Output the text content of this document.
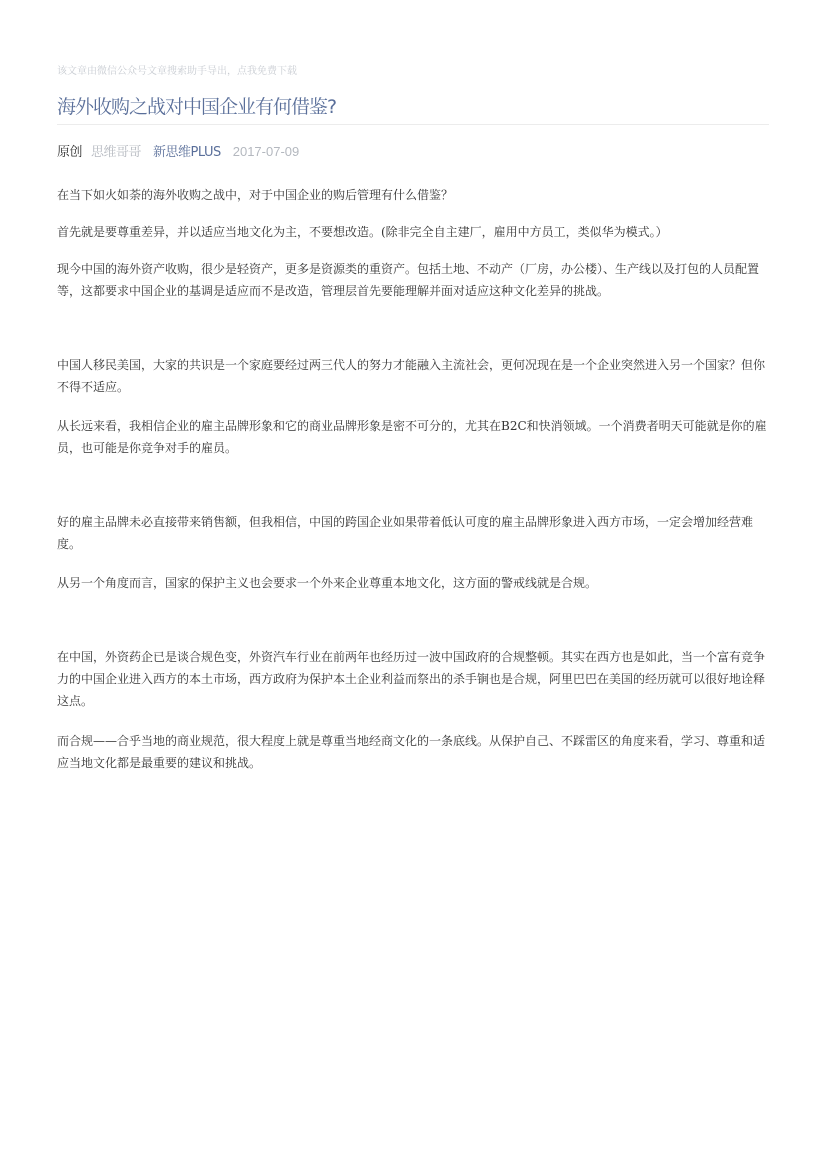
该文章由微信公众号文章搜索助手导出，点我免费下载
海外收购之战对中国企业有何借鉴?
原创 思维哥哥 新思维PLUS 2017-07-09

在当下如火如荼的海外收购之战中，对于中国企业的购后管理有什么借鉴？

首先就是要尊重差异，并以适应当地文化为主，不要想改造。(除非完全自主建厂，雇用中方员工，类似华为模式。）

现今中国的海外资产收购，很少是轻资产，更多是资源类的重资产。包括土地、不动产（厂房，办公楼）、生产线以及打包的人员配置等，这都要求中国企业的基调是适应而不是改造，管理层首先要能理解并面对适应这种文化差异的挑战。

中国人移民美国，大家的共识是一个家庭要经过两三代人的努力才能融入主流社会，更何况现在是一个企业突然进入另一个国家？但你不得不适应。

从长远来看，我相信企业的雇主品牌形象和它的商业品牌形象是密不可分的，尤其在B2C和快消领域。一个消费者明天可能就是你的雇员，也可能是你竞争对手的雇员。

好的雇主品牌未必直接带来销售额，但我相信，中国的跨国企业如果带着低认可度的雇主品牌形象进入西方市场，一定会增加经营难度。

从另一个角度而言，国家的保护主义也会要求一个外来企业尊重本地文化，这方面的警戒线就是合规。

在中国，外资药企已是谈合规色变，外资汽车行业在前两年也经历过一波中国政府的合规整顿。其实在西方也是如此，当一个富有竞争力的中国企业进入西方的本土市场，西方政府为保护本土企业利益而祭出的杀手锏也是合规，阿里巴巴在美国的经历就可以很好地诠释这点。

而合规——合乎当地的商业规范，很大程度上就是尊重当地经商文化的一条底线。从保护自己、不踩雷区的角度来看，学习、尊重和适应当地文化都是最重要的建议和挑战。
